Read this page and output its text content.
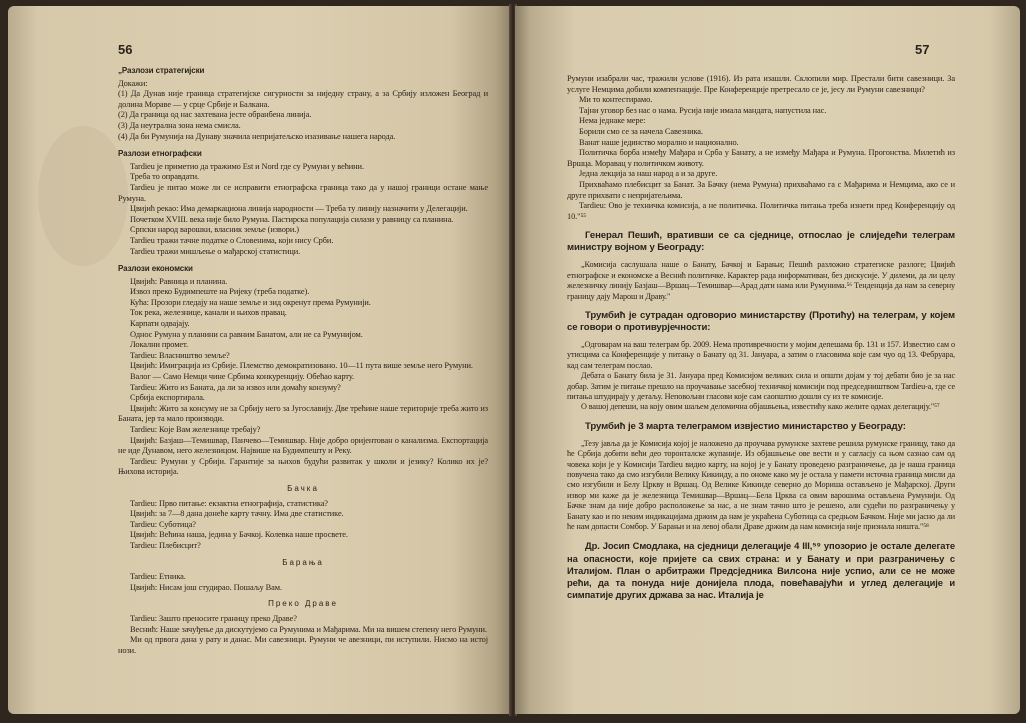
56

„Разлози стратегијски

Докажи:

(1) Да Дунав није граница стратегијске сигурности за ниједну страну, а за Србију изложен Београд и долина Мораве — у срце Србије и Балкана.

(2) Да граница од нас захтевана јесте обранбена линија.

(3) Да неутрална зона нема смисла.

(4) Да би Румунија на Дунаву значила непријатељско изазивање нашега народа.

Разлози етнографски

Tardieu је приметио да тражимо Est и Nord где су Румуни у већини.

Треба то оправдати.

Tardieu је питао може ли се исправити етнографска граница тако да у нашој граници остане мање Румуна.

Цвијић рекао: Има демаркациона линија народности — Треба ту линију назначити у Делегацији.

Почетком XVIII. века није било Румуна. Пастирска популација силази у равницу са планина.

Српски народ варошки, власник земље (извори.)

Tardieu тражи тачне податке о Словенима, који нису Срби.

Tardieu тражи мишљење о мађарској статистици.

Разлози економски

Цвијић: Равница и планина.

Извоз преко Будимпеште на Ријеку (треба податке).

Кућа: Прозори гледају на наше земље и зид окренут према Румунији.

Ток река, железнице, канали и њихов правац.

Карпати одвајају.

Однос Румуна у планини са равним Банатом, али не са Румунијом.

Локални промет.

Tardieu: Власништво земље?

Цвијић: Имиграција из Србије. Племство демократизовано. 10—11 пута више земље него Румуни.

Валог — Само Немци чине Србима конкуренцију. Обећао карту.

Tardieu: Жито из Баната, да ли за извоз или домаћу конзуму?

Србија експортирала.

Цвијић: Жито за консуму не за Србију него за Југославију. Две трећине наше територије треба жито из Баната, јер та мало производи.

Tardieu: Које Вам железнице требају?

Цвијић: Базјаш—Темишвар, Панчево—Темишвар. Није добро оријентован о канализма. Експортација не иде Дунавом, него железницом. Највише на Будимпешту и Реку.

Tardieu: Румуни у Србији. Гарантије за њихов будући развитак у школи и језику? Колико их је? Њихова историја.

Бачка

Tardieu: Прво питање: екзактна етнографија, статистика?

Цвијић: за 7—8 дана донеће карту тачну. Има две статистике.

Tardieu: Суботица?

Цвијић: Већина наша, једина у Бачкој. Колевка наше просвете.

Tardieu: Плебисцит?

Барања

Tardieu: Етника.

Цвијић: Нисам још студирао. Пошаљу Вам.

Преко Драве

Tardieu: Зашто преносите границу преко Драве?

Веснић: Наше зачуђење да дискутујемо са Румунима и Мађарима. Ми на вишем степену него Румуни.

Ми од првога дана у рату и данас. Ми савезници. Румуни че авезници, пи иступили. Нисмо на истој нози.

57

Румуни изабрали час, тражили услове (1916). Из рата изашли. Склопили мир. Престали бити савезници. За услуге Немцима добили компензације. Пре Конференције претресало се је, јесу ли Румуни савезници?

Ми то контестирамо.

Тајни уговор без нас о нама. Русија није имала мандата, напустила нас.

Нема једнаке мере:

Борили смо се за начела Савезника.

Ванат наше јединство морално и национално.

Политичка борба између Мађара и Срба у Банату, а не између Мађара и Румуна. Прогонства. Милетић из Вршца. Моравац у политичком животу.

Једна лекција за наш народ а и за друге.

Прихваћамо плебисцит за Банат. За Бачку (нема Румуна) прихваћамо га с Мађарима и Немцима, ако се и друге прихвати с непријатељима.

Tardieu: Ово је техничка комисија, а не политичка. Политичка питања треба изнети пред Конференцију од 10."⁵⁵

Генерал Пешић, вративши се са сједнице, отпослао је слиједећи телеграм министру војном у Београду:

„Комисија саслушала наше о Банату, Бачкој и Барањи; Пешић разложио стратегиске разлоге; Цвијић етнографске и економске а Веснић политичке. Карактер рада информативан, без дискусије. У дилеми, да ли целу железничку линију Базјаш—Вршац—Темишвар—Арад дати нама или Румунима.⁵⁶ Тенденција да нам за северну границу дају Марош и Драву."

Трумбић је сутрадан одговорио министарству (Протићу) на телеграм, у којем се говори о противурјечности:

„Одговарам на ваш телеграм бр. 2009. Нема противречности у мојим депешама бр. 131 и 157. Известио сам о утисцима са Конференције у питању о Банату од 31. Јануара, а затим о гласовима које сам чуо од 13. Фебруара, кад сам телеграм послао.

Дебата о Банату била је 31. Јануара пред Комисијом великих сила и општи дојам у тој дебати био је за нас добар. Затим је питање прешло на проучавање засебној техничкој комисији под председништвом Tardieu-а, где се питања штудирају у детаљу. Неповољни гласови које сам саопштио дошли су из те комисије.

О вашој депеши, на коју овим шаљем деломична објашњења, известићу како желите одмах делегацију."⁵⁷

Трумбић је 3 марта телеграмом извјестио министарство у Београду:

„Тезу јавља да је Комисија којој је наложено да проучава румунске захтеве решила румунске границу, тако да ће Србија добити већи део торонталске жупаније. Из објашњење ове вести и у сагласју са њом сазнао сам од човека који је у Комисији Tardieu видио карту, на којој је у Банату проведено разграничење, да је наша граница повучена тако да смо изгубили Велику Кикинду, а по ономе како му је остала у памети источна граница мисли да смо изгубили и Белу Цркву и Вршац. Од Велике Кикинде северно до Мориша остављено је Мађарској. Други извор ми каже да је железница Темишвар—Вршац—Бела Црква са овим варошима остављена Румунији. Од Бачке знам да није добро расположење за нас, а не знам тачно што је решено, али судећи по разграничењу у Банату као и по неким индикацијама држим да нам је украћена Суботица са средњом Бачком. Није ми јасно да ли ће нам допасти Сомбор. У Барањи и на левој обали Драве држим да нам комисија није признала ништа."⁵⁸

Др. Јосип Смодлака, на сједници делегације 4 III,⁵⁹ упозорио је остале делегате на опасности, које пријете са свих страна: и у Банату и при разграничењу с Италијом. План о арбитражи Предсједника Вилсона није успио, али се не може рећи, да та понуда није донијела плода, повећавајући и углед делегације и симпатије других држава за нас. Италија је
